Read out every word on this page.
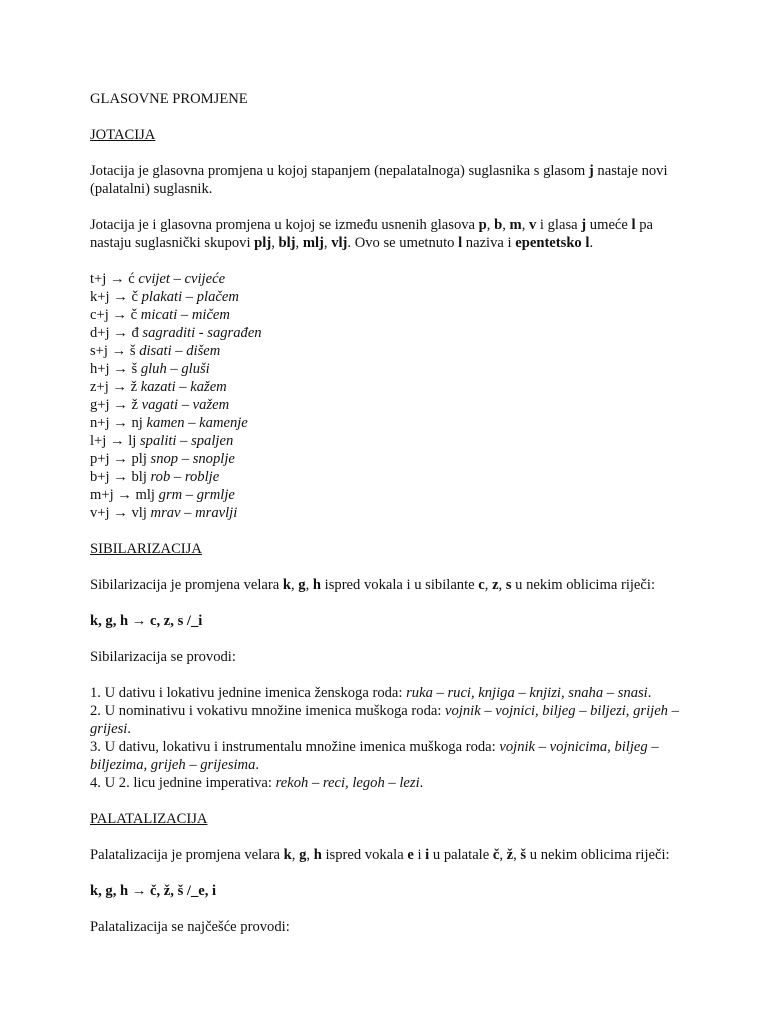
GLASOVNE PROMJENE
JOTACIJA
Jotacija je glasovna promjena u kojoj stapanjem (nepalatalnoga) suglasnika s glasom j nastaje novi (palatalni) suglasnik.
Jotacija je i glasovna promjena u kojoj se između usnenih glasova p, b, m, v i glasa j umeće l pa nastaju suglasnički skupovi plj, blj, mlj, vlj. Ovo se umetnuto l naziva i epentetsko l.
t+j → ć cvijet – cvijeće
k+j → č plakati – plačem
c+j → č micati – mičem
d+j → đ sagraditi - sagrađen
s+j → š disati – dišem
h+j → š gluh – gluši
z+j → ž kazati – kažem
g+j → ž vagati – važem
n+j → nj kamen – kamenje
l+j → lj spaliti – spaljen
p+j → plj snop – snoplje
b+j → blj rob – roblje
m+j → mlj grm – grmlje
v+j → vlj mrav – mravlji
SIBILARIZACIJA
Sibilarizacija je promjena velara k, g, h ispred vokala i u sibilante c, z, s u nekim oblicima riječi:
k, g, h → c, z, s /_i
Sibilarizacija se provodi:
1. U dativu i lokativu jednine imenica ženskoga roda: ruka – ruci, knjiga – knjizi, snaha – snasi.
2. U nominativu i vokativu množine imenica muškoga roda: vojnik – vojnici, biljeg – biljezi, grijeh – grijesi.
3. U dativu, lokativu i instrumentalu množine imenica muškoga roda: vojnik – vojnicima, biljeg – biljezima, grijeh – grijesima.
4. U 2. licu jednine imperativa: rekoh – reci, legoh – lezi.
PALATALIZACIJA
Palatalizacija je promjena velara k, g, h ispred vokala e i i u palatale č, ž, š u nekim oblicima riječi:
k, g, h → č, ž, š /_e, i
Palatalizacija se najčešće provodi:
